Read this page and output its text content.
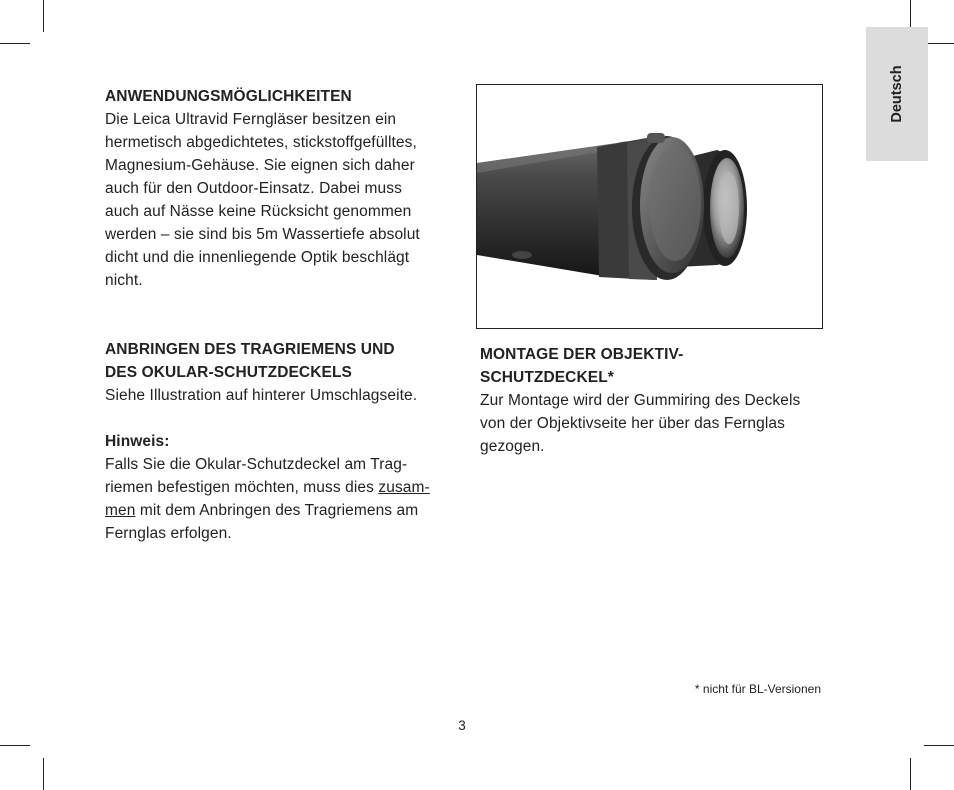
Deutsch

ANWENDUNGSMÖGLICHKEITEN

Die Leica Ultravid Ferngläser besitzen ein

hermetisch abgedichtetes, stickstoffgefülltes,

Magnesium-Gehäuse. Sie eignen sich daher

auch für den Outdoor-Einsatz. Dabei muss

auch auf Nässe keine Rücksicht genommen

werden – sie sind bis 5m Wassertiefe absolut

dicht und die innenliegende Optik beschlägt

nicht.

ANBRINGEN DES TRAGRIEMENS UND

DES OKULAR-SCHUTZDECKELS

Siehe Illustration auf hinterer Umschlagseite.

Hinweis:

Falls Sie die Okular-Schutzdeckel am Trag-

riemen befestigen möchten, muss dies zusam-

men mit dem Anbringen des Tragriemens am

Fernglas erfolgen.

MONTAGE DER OBJEKTIV-

SCHUTZDECKEL*

Zur Montage wird der Gummiring des Deckels

von der Objektivseite her über das Fernglas

gezogen.

* nicht für BL-Versionen
3
